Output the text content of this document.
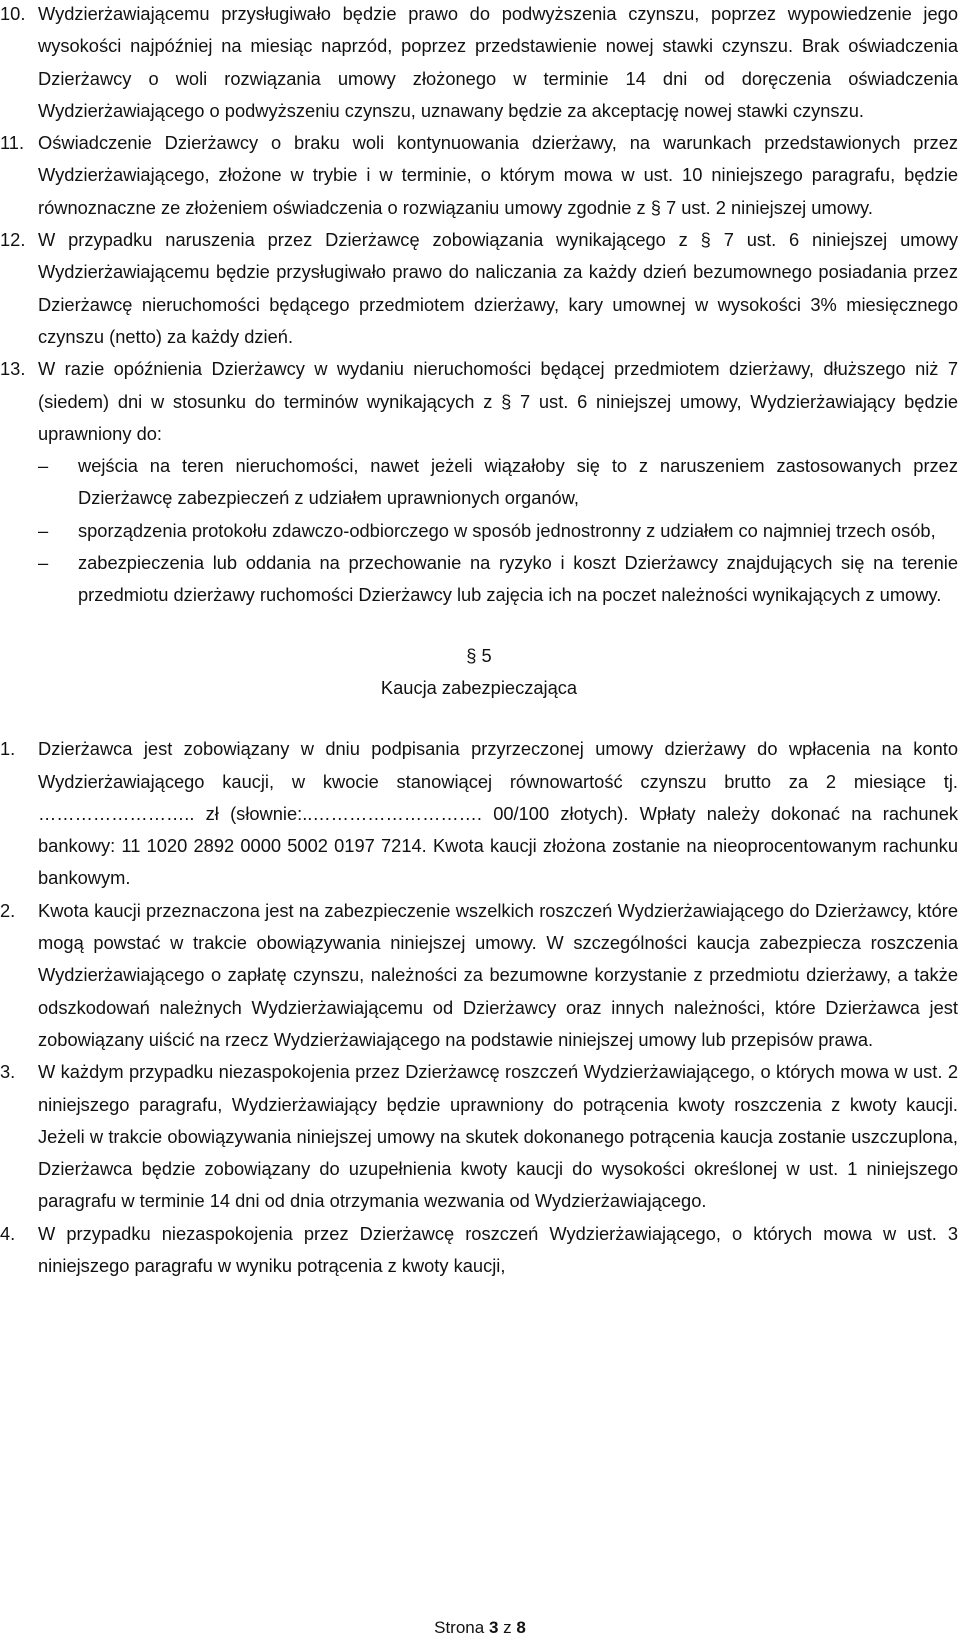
10. Wydzierżawiającemu przysługiwało będzie prawo do podwyższenia czynszu, poprzez wypowiedzenie jego wysokości najpóźniej na miesiąc naprzód, poprzez przedstawienie nowej stawki czynszu. Brak oświadczenia Dzierżawcy o woli rozwiązania umowy złożonego w terminie 14 dni od doręczenia oświadczenia Wydzierżawiającego o podwyższeniu czynszu, uznawany będzie za akceptację nowej stawki czynszu.
11. Oświadczenie Dzierżawcy o braku woli kontynuowania dzierżawy, na warunkach przedstawionych przez Wydzierżawiającego, złożone w trybie i w terminie, o którym mowa w ust. 10 niniejszego paragrafu, będzie równoznaczne ze złożeniem oświadczenia o rozwiązaniu umowy zgodnie z § 7 ust. 2 niniejszej umowy.
12. W przypadku naruszenia przez Dzierżawcę zobowiązania wynikającego z § 7 ust. 6 niniejszej umowy Wydzierżawiającemu będzie przysługiwało prawo do naliczania za każdy dzień bezumownego posiadania przez Dzierżawcę nieruchomości będącego przedmiotem dzierżawy, kary umownej w wysokości 3% miesięcznego czynszu (netto) za każdy dzień.
13. W razie opóźnienia Dzierżawcy w wydaniu nieruchomości będącej przedmiotem dzierżawy, dłuższego niż 7 (siedem) dni w stosunku do terminów wynikających z § 7 ust. 6 niniejszej umowy, Wydzierżawiający będzie uprawniony do:
–	wejścia na teren nieruchomości, nawet jeżeli wiązałoby się to z naruszeniem zastosowanych przez Dzierżawcę zabezpieczeń z udziałem uprawnionych organów,
–	sporządzenia protokołu zdawczo-odbiorczego w sposób jednostronny z udziałem co najmniej trzech osób,
–	zabezpieczenia lub oddania na przechowanie na ryzyko i koszt Dzierżawcy znajdujących się na terenie przedmiotu dzierżawy ruchomości Dzierżawcy lub zajęcia ich na poczet należności wynikających z umowy.
§ 5
Kaucja zabezpieczająca
1.	Dzierżawca jest zobowiązany w dniu podpisania przyrzeczonej umowy dzierżawy do wpłacenia na konto Wydzierżawiającego kaucji, w kwocie stanowiącej równowartość czynszu brutto za 2 miesiące tj. …………………….. zł (słownie:..………………………. 00/100 złotych). Wpłaty należy dokonać na rachunek bankowy: 11 1020 2892 0000 5002 0197 7214. Kwota kaucji złożona zostanie na nieoprocentowanym rachunku bankowym.
2.	Kwota kaucji przeznaczona jest na zabezpieczenie wszelkich roszczeń Wydzierżawiającego do Dzierżawcy, które mogą powstać w trakcie obowiązywania niniejszej umowy. W szczególności kaucja zabezpiecza roszczenia Wydzierżawiającego o zapłatę czynszu, należności za bezumowne korzystanie z przedmiotu dzierżawy, a także odszkodowań należnych Wydzierżawiającemu od Dzierżawcy oraz innych należności, które Dzierżawca jest zobowiązany uiścić na rzecz Wydzierżawiającego na podstawie niniejszej umowy lub przepisów prawa.
3.	W każdym przypadku niezaspokojenia przez Dzierżawcę roszczeń Wydzierżawiającego, o których mowa w ust. 2 niniejszego paragrafu, Wydzierżawiający będzie uprawniony do potrącenia kwoty roszczenia z kwoty kaucji. Jeżeli w trakcie obowiązywania niniejszej umowy na skutek dokonanego potrącenia kaucja zostanie uszczuplona, Dzierżawca będzie zobowiązany do uzupełnienia kwoty kaucji do wysokości określonej w ust. 1 niniejszego paragrafu w terminie 14 dni od dnia otrzymania wezwania od Wydzierżawiającego.
4.	W przypadku niezaspokojenia przez Dzierżawcę roszczeń Wydzierżawiającego, o których mowa w ust. 3 niniejszego paragrafu w wyniku potrącenia z kwoty kaucji,
Strona 3 z 8
